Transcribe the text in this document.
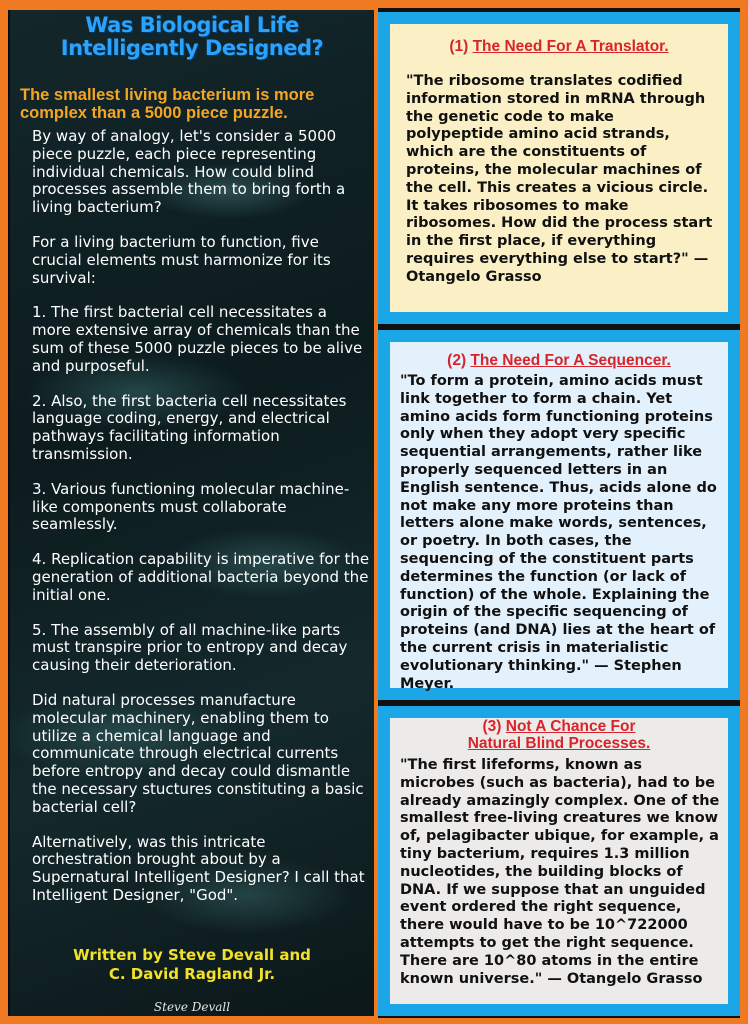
Was Biological Life
Intelligently Designed?
The smallest living bacterium is more complex than a 5000 piece puzzle.

By way of analogy, let's consider a 5000 piece puzzle, each piece representing individual chemicals. How could blind processes assemble them to bring forth a living bacterium?

For a living bacterium to function, five crucial elements must harmonize for its survival:

1. The first bacterial cell necessitates a more extensive array of chemicals than the sum of these 5000 puzzle pieces to be alive and purposeful.

2. Also, the first bacteria cell necessitates language coding, energy, and electrical pathways facilitating information transmission.

3. Various functioning molecular machine-like components must collaborate seamlessly.

4. Replication capability is imperative for the generation of additional bacteria beyond the initial one.

5. The assembly of all machine-like parts must transpire prior to entropy and decay causing their deterioration.

Did natural processes manufacture molecular machinery, enabling them to utilize a chemical language and communicate through electrical currents before entropy and decay could dismantle the necessary stuctures constituting a basic bacterial cell?

Alternatively, was this intricate orchestration brought about by a Supernatural Intelligent Designer? I call that Intelligent Designer, "God".

Written by Steve Devall and
C. David Ragland Jr.
Steve Devall
(1) The Need For A Translator.
"The ribosome translates codified information stored in mRNA through the genetic code to make polypeptide amino acid strands, which are the constituents of proteins, the molecular machines of the cell. This creates a vicious circle. It takes ribosomes to make ribosomes. How did the process start in the first place, if everything requires everything else to start?" — Otangelo Grasso
(2) The Need For A Sequencer.
"To form a protein, amino acids must link together to form a chain. Yet amino acids form functioning proteins only when they adopt very specific sequential arrangements, rather like properly sequenced letters in an English sentence. Thus, acids alone do not make any more proteins than letters alone make words, sentences, or poetry. In both cases, the sequencing of the constituent parts determines the function (or lack of function) of the whole. Explaining the origin of the specific sequencing of proteins (and DNA) lies at the heart of the current crisis in materialistic evolutionary thinking." — Stephen Meyer.
(3) Not A Chance For
Natural Blind Processes.
"The first lifeforms, known as microbes (such as bacteria), had to be already amazingly complex. One of the smallest free-living creatures we know of, pelagibacter ubique, for example, a tiny bacterium, requires 1.3 million nucleotides, the building blocks of DNA. If we suppose that an unguided event ordered the right sequence, there would have to be 10^722000 attempts to get the right sequence. There are 10^80 atoms in the entire known universe." — Otangelo Grasso
